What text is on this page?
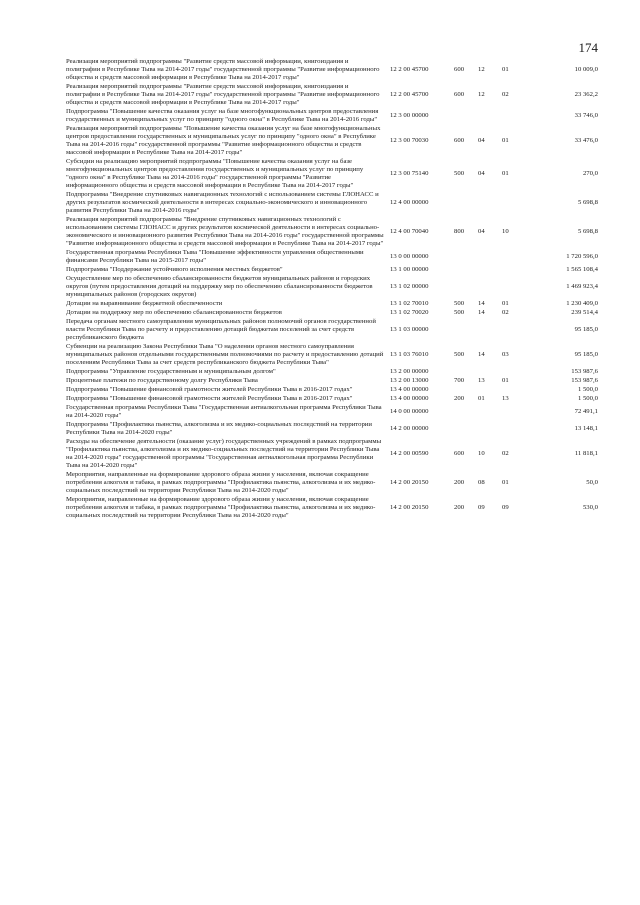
174
Реализация мероприятий подпрограммы "Развитие средств массовой информации, книгоиздания и полиграфии в Республике Тыва на 2014-2017 годы" государственной программы "Развитие информационного общества и средств массовой информации в Республике Тыва на 2014-2017 годы"	12 2 00 45700	600	12	01	10 009,0
Реализация мероприятий подпрограммы "Развитие средств массовой информации, книгоиздания и полиграфии в Республике Тыва на 2014-2017 годы" государственной программы "Развитие информационного общества и средств массовой информации в Республике Тыва на 2014-2017 годы"	12 2 00 45700	600	12	02	23 362,2
Подпрограмма "Повышение качества оказания услуг на базе многофункциональных центров предоставления государственных и муниципальных услуг по принципу "одного окна" в Республике Тыва на 2014-2016 годы"	12 3 00 00000				33 746,0
Реализация мероприятий подпрограммы "Повышение качества оказания услуг на базе многофункциональных центров предоставления государственных и муниципальных услуг по принципу "одного окна" в Республике Тыва на 2014-2016 годы" государственной программы "Развитие информационного общества и средств массовой информации в Республике Тыва на 2014-2017 годы"	12 3 00 70030	600	04	01	33 476,0
Субсидии на реализацию мероприятий подпрограммы "Повышение качества оказания услуг на базе многофункциональных центров предоставления государственных и муниципальных услуг по принципу "одного окна" в Республике Тыва на 2014-2016 годы" государственной программы "Развитие информационного общества и средств массовой информации в Республике Тыва на 2014-2017 годы"	12 3 00 75140	500	04	01	270,0
Подпрограмма "Внедрение спутниковых навигационных технологий с использованием системы ГЛОНАСС и других результатов космической деятельности в интересах социально-экономического и инновационного развития Республики Тыва на 2014-2016 годы"	12 4 00 00000				5 698,8
Реализация мероприятий подпрограммы "Внедрение спутниковых навигационных технологий с использованием системы ГЛОНАСС и других результатов космической деятельности в интересах социально-экономического и инновационного развития Республики Тыва на 2014-2016 годы" государственной программы "Развитие информационного общества и средств массовой информации в Республике Тыва на 2014-2017 годы"	12 4 00 70040	800	04	10	5 698,8
Государственная программа Республики Тыва "Повышение эффективности управления общественными финансами Республики Тыва на 2015-2017 годы"	13 0 00 00000				1 720 596,0
Подпрограмма "Поддержание устойчивого исполнения местных бюджетов"	13 1 00 00000				1 565 108,4
Осуществление мер по обеспечению сбалансированности бюджетов муниципальных районов и городских округов (путем предоставления дотаций на поддержку мер по обеспечению сбалансированности бюджетов муниципальных районов (городских округов)	13 1 02 00000				1 469 923,4
Дотации на выравнивание бюджетной обеспеченности	13 1 02 70010	500	14	01	1 230 409,0
Дотации на поддержку мер по обеспечению сбалансированности бюджетов	13 1 02 70020	500	14	02	239 514,4
Передача органам местного самоуправления муниципальных районов полномочий органов государственной власти Республики Тыва по расчету и предоставлению дотаций бюджетам поселений за счет средств республиканского бюджета	13 1 03 00000				95 185,0
Субвенции на реализацию Закона Республики Тыва "О наделении органов местного самоуправления муниципальных районов отдельными государственными полномочиями по расчету и предоставлению дотаций поселениям Республики Тыва за счет средств республиканского бюджета Республики Тыва"	13 1 03 76010	500	14	03	95 185,0
Подпрограмма "Управление государственным и муниципальным долгом"	13 2 00 00000				153 987,6
Процентные платежи по государственному долгу Республики Тыва	13 2 00 13000	700	13	01	153 987,6
Подпрограмма "Повышение финансовой грамотности жителей Республики Тыва в 2016-2017 годах"	13 4 00 00000				1 500,0
Подпрограмма "Повышение финансовой грамотности жителей Республики Тыва в 2016-2017 годах"	13 4 00 00000	200	01	13	1 500,0
Государственная программа Республики Тыва "Государственная антиалкогольная программа Республики Тыва на 2014-2020 годы"	14 0 00 00000				72 491,1
Подпрограмма "Профилактика пьянства, алкоголизма и их медико-социальных последствий на территории Республики Тыва на 2014-2020 годы"	14 2 00 00000				13 148,1
Расходы на обеспечение деятельности (оказание услуг) государственных учреждений в рамках подпрограммы "Профилактика пьянства, алкоголизма и их медико-социальных последствий на территории Республики Тыва на 2014-2020 годы" государственной программы "Государственная антиалкогольная программа Республики Тыва на 2014-2020 годы"	14 2 00 00590	600	10	02	11 818,1
Мероприятия, направленные на формирование здорового образа жизни у населения, включая сокращение потребления алкоголя и табака, в рамках подпрограммы "Профилактика пьянства, алкоголизма и их медико-социальных последствий на территории Республики Тыва на 2014-2020 годы"	14 2 00 20150	200	08	01	50,0
Мероприятия, направленные на формирование здорового образа жизни у населения, включая сокращение потребления алкоголя и табака, в рамках подпрограммы "Профилактика пьянства, алкоголизма и их медико-социальных последствий на территории Республики Тыва на 2014-2020 годы"	14 2 00 20150	200	09	09	530,0
